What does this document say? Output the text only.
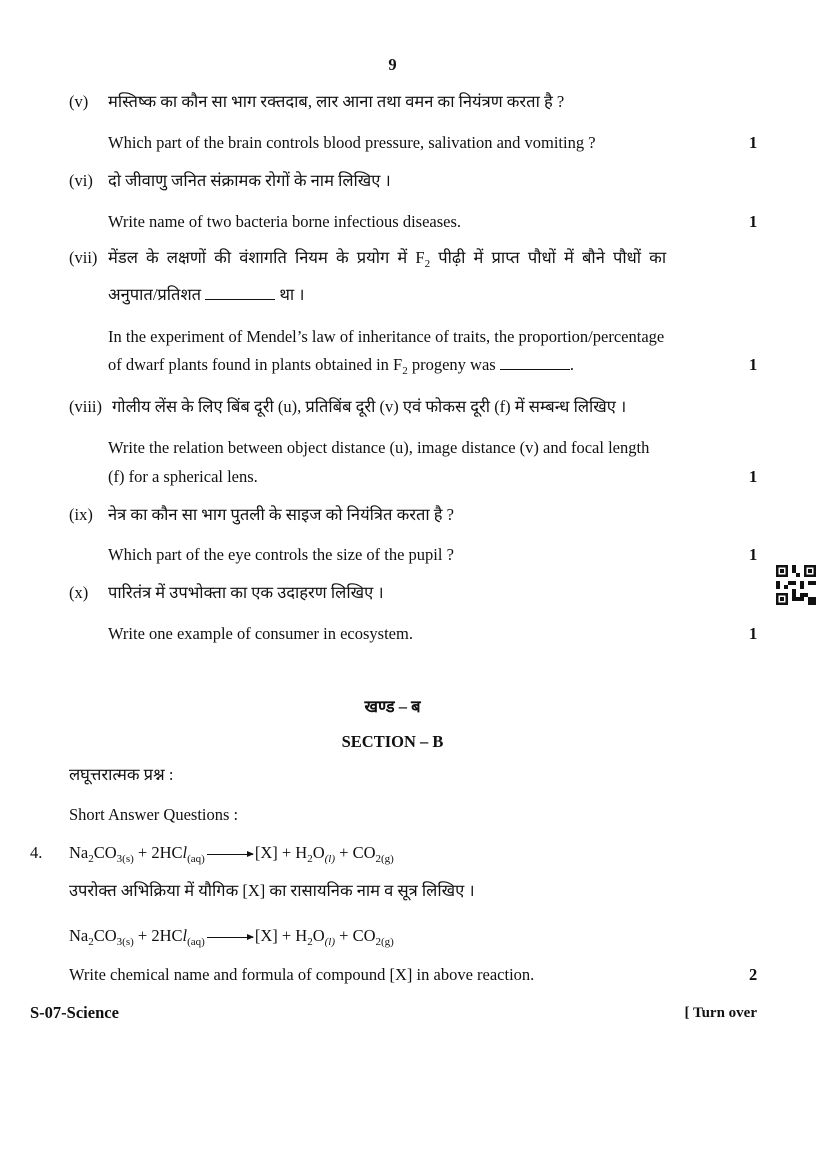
9
(v) मस्तिष्क का कौन सा भाग रक्तदाब, लार आना तथा वमन का नियंत्रण करता है ?
Which part of the brain controls blood pressure, salivation and vomiting ?	1
(vi) दो जीवाणु जनित संक्रामक रोगों के नाम लिखिए ।
Write name of two bacteria borne infectious diseases.	1
(vii) मेंडल के लक्षणों की वंशागति नियम के प्रयोग में $F_2$ पीढ़ी में प्राप्त पौधों में बौने पौधों का
अनुपात/प्रतिशत	था ।
In the experiment of Mendel’s law of inheritance of traits, the proportion/percentage
of dwarf plants found in plants obtained in $F_2$ progeny was	.	1
(viii) गोलीय लेंस के लिए बिंब दूरी (u), प्रतिबिंब दूरी (v) एवं फोकस दूरी (f) में सम्बन्ध लिखिए ।
Write the relation between object distance (u), image distance (v) and focal length
(f) for a spherical lens.	1
(ix) नेत्र का कौन सा भाग पुतली के साइज को नियंत्रित करता है ?
Which part of the eye controls the size of the pupil ?	1
(x) पारितंत्र में उपभोक्ता का एक उदाहरण लिखिए ।
Write one example of consumer in ecosystem.	1
खण्ड – ब
SECTION – B
लघूत्तरात्मक प्रश्न :
Short Answer Questions :
4. $Na_2CO_{3(s)} + 2HCl_{(aq)} \to [X] + H_2O_{(l)} + CO_{2(g)}$
उपरोक्त अभिक्रिया में यौगिक [X] का रासायनिक नाम व सूत्र लिखिए ।
$Na_2CO_{3(s)} + 2HCl_{(aq)} \to [X] + H_2O_{(l)} + CO_{2(g)}$
Write chemical name and formula of compound [X] in above reaction.	2
S-07-Science	[ Turn over
